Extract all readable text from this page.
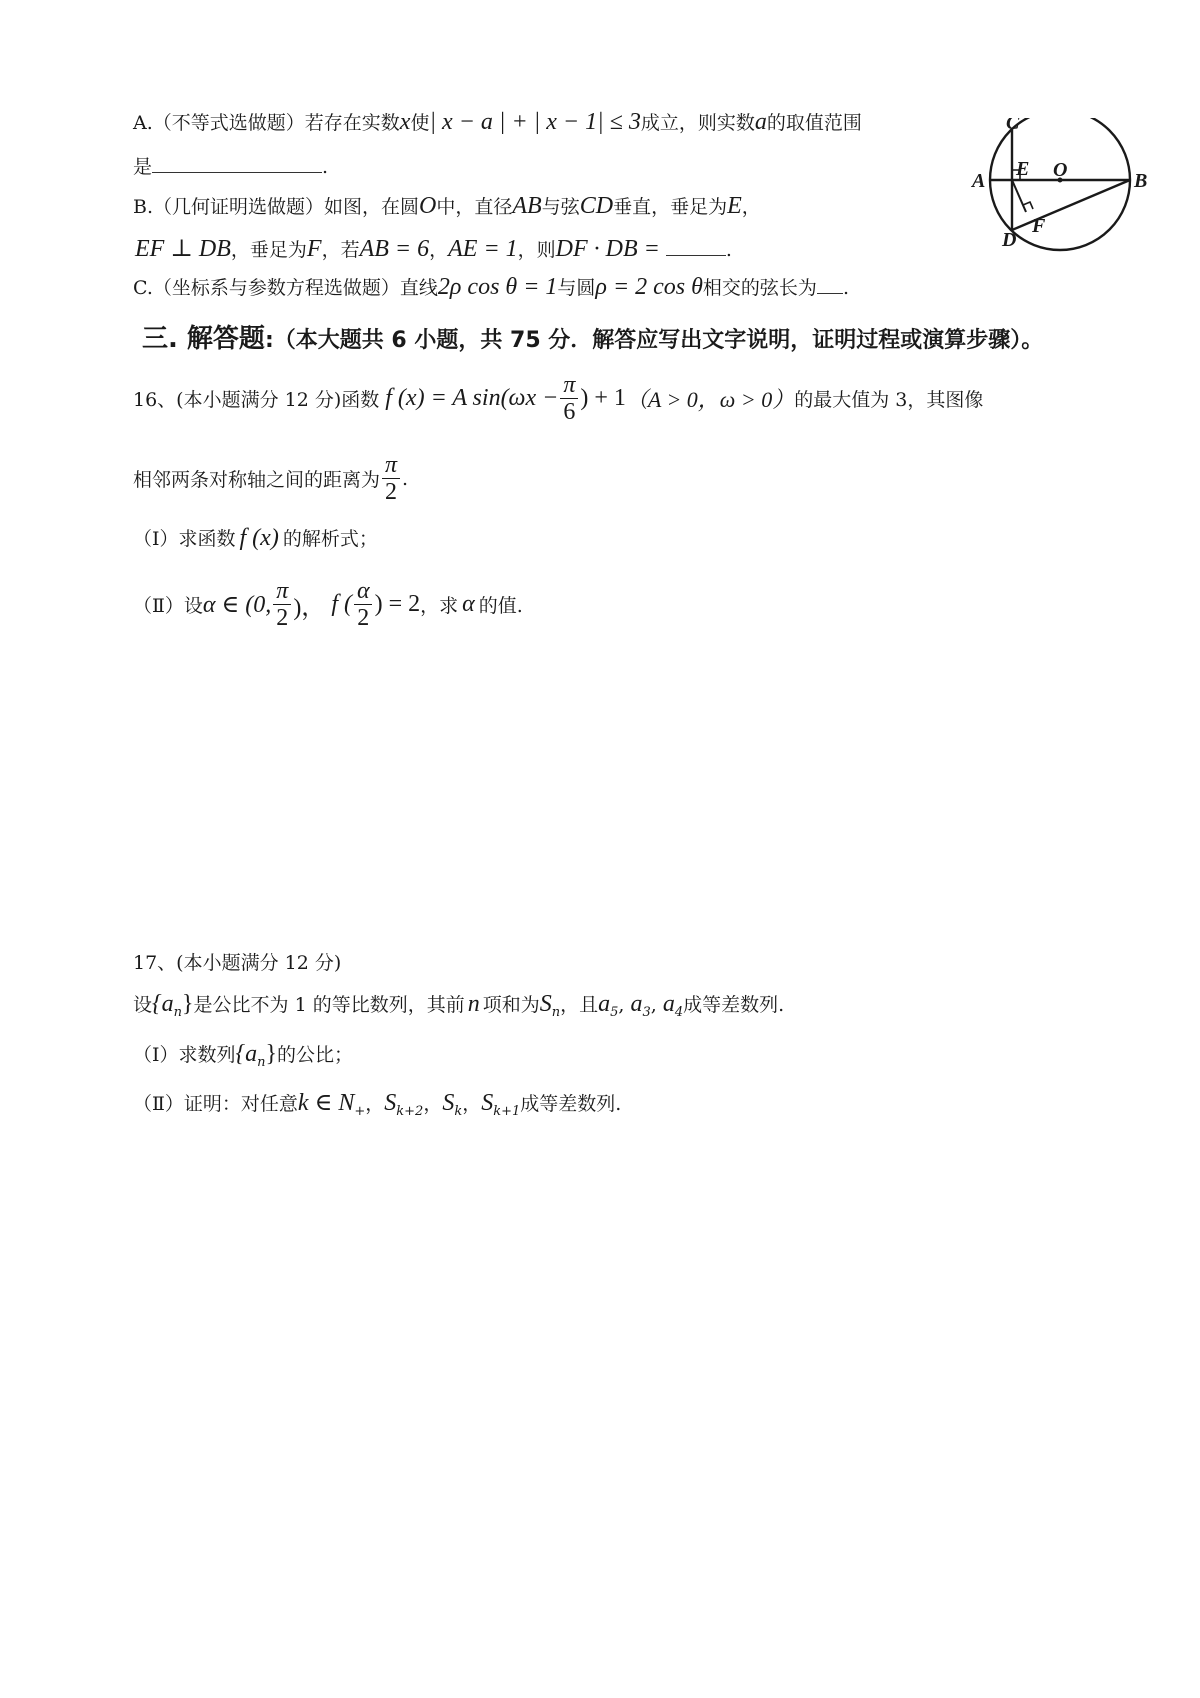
A.（不等式选做题）若存在实数x使| x − a | + | x − 1| ≤ 3成立，则实数a的取值范围
是	.
B.（几何证明选做题）如图，在圆O中，直径AB与弦CD垂直，垂足为E，
EF ⊥ DB，垂足为F，若AB = 6，AE = 1，则DF · DB =	.
C
A
E O	B
D
F
C.（坐标系与参数方程选做题）直线2ρ cos θ = 1与圆ρ = 2 cos θ相交的弦长为 .
三. 解答题:（本大题共 6 小题，共 75 分．解答应写出文字说明，证明过程或演算步骤）。
16、(本小题满分 12 分)函数 f (x) = A $\sin(\omega x - \frac{\pi}{6}$ ) + 1 （A > 0，ω > 0） 的最大值为 3，其图像
相邻两条对称轴之间的距离为 $\frac{\pi}{2}$ .
（Ⅰ）求函数 f (x) 的解析式；
（Ⅱ）设 α ∈ (0, $\frac{\pi}{2}$ )， f ( $\frac{\alpha}{2}$ ) = 2 ，求 α 的值.
17、(本小题满分 12 分)
设$\{a_n\}$是公比不为 1 的等比数列，其前 n 项和为$S_n$，且$a_5$, $a_3$, $a_4$成等差数列.
（Ⅰ）求数列$\{a_n\}$的公比；
（Ⅱ）证明：对任意k ∈ $N_+$，$S_{k+2}$，$S_k$，$S_{k+1}$成等差数列.
